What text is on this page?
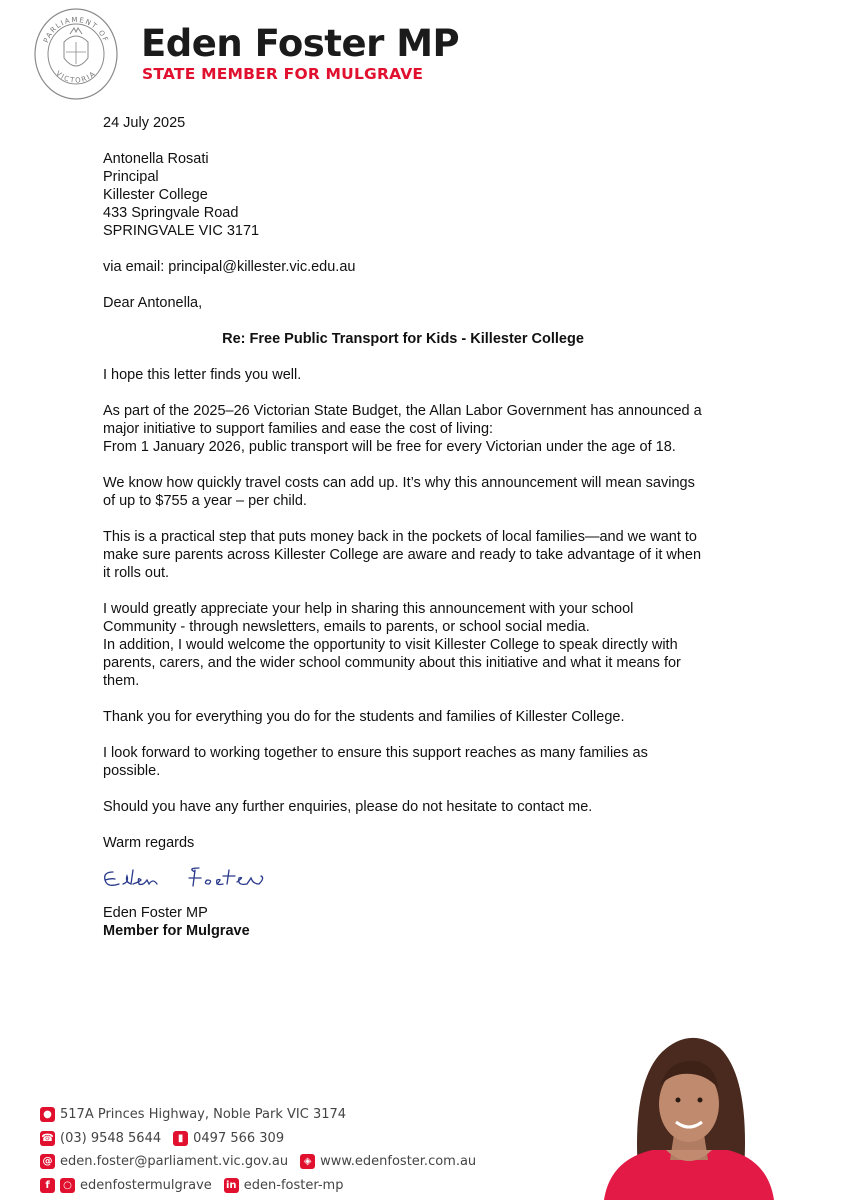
PARLIAMENT OF
VICTORIA
Eden Foster MP
STATE MEMBER FOR MULGRAVE

24 July 2025

Antonella Rosati

Principal

Killester College

433 Springvale Road

SPRINGVALE VIC 3171

via email: principal@killester.vic.edu.au

Dear Antonella,

Re: Free Public Transport for Kids - Killester College

I hope this letter finds you well.

As part of the 2025–26 Victorian State Budget, the Allan Labor Government has announced a major initiative to support families and ease the cost of living:
From 1 January 2026, public transport will be free for every Victorian under the age of 18.

We know how quickly travel costs can add up. It’s why this announcement will mean savings of up to $755 a year – per child.

This is a practical step that puts money back in the pockets of local families—and we want to make sure parents across Killester College are aware and ready to take advantage of it when it rolls out.

I would greatly appreciate your help in sharing this announcement with your school Community - through newsletters, emails to parents, or school social media.
In addition, I would welcome the opportunity to visit Killester College to speak directly with parents, carers, and the wider school community about this initiative and what it means for them.

Thank you for everything you do for the students and families of Killester College.

I look forward to working together to ensure this support reaches as many families as possible.

Should you have any further enquiries, please do not hesitate to contact me.

Warm regards

Eden Foster MP

Member for Mulgrave

● 517A Princes Highway, Noble Park VIC 3174
☎ (03) 9548 5644	▮ 0497 566 309
@ eden.foster@parliament.vic.gov.au	◈ www.edenfoster.com.au
f	○ edenfostermulgrave in eden-foster-mp
